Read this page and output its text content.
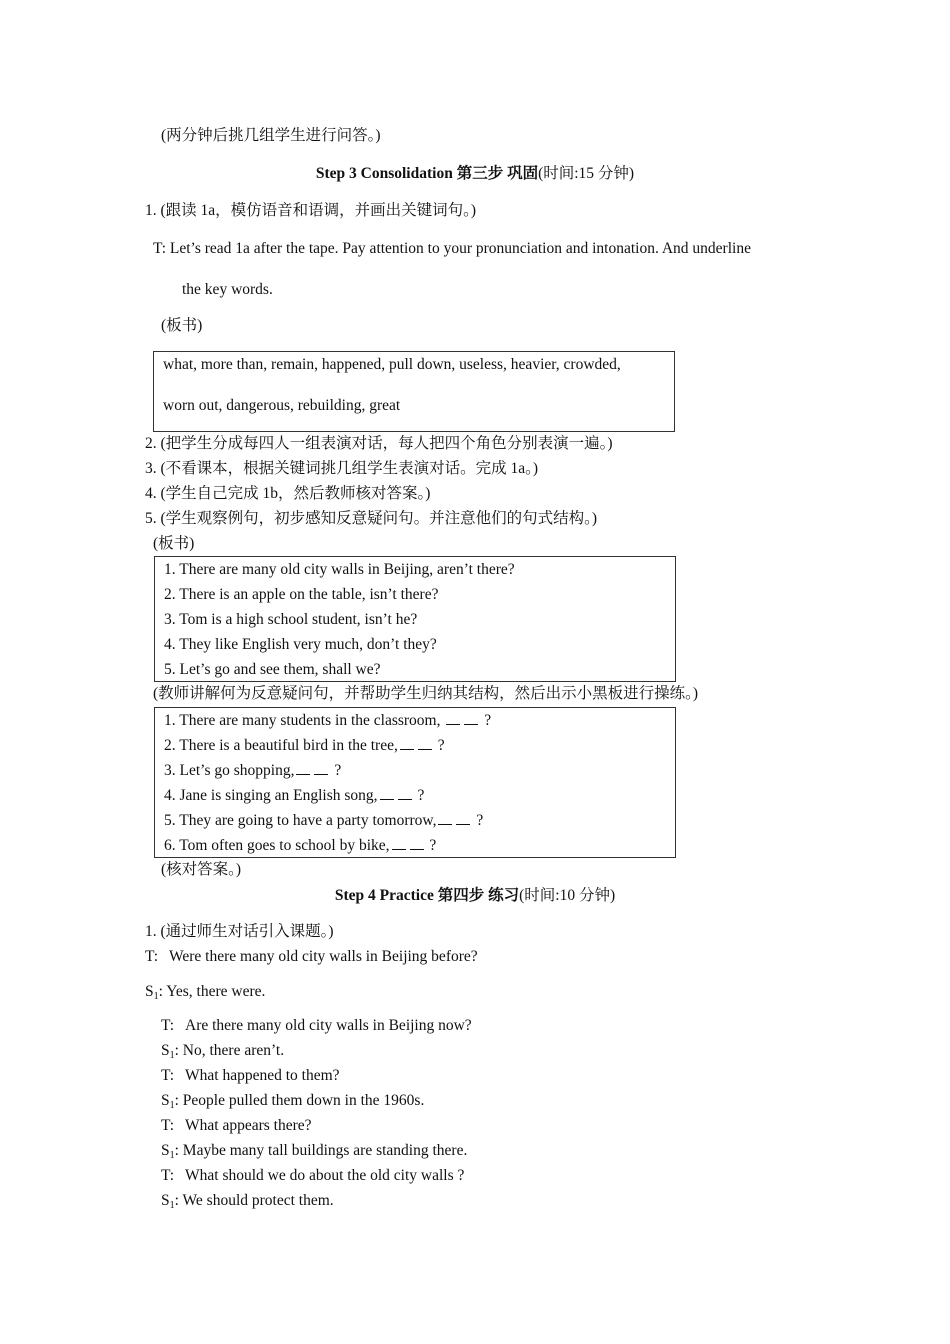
(两分钟后挑几组学生进行问答。)
Step 3 Consolidation 第三步 巩固(时间:15 分钟)
1. (跟读 1a，模仿语音和语调，并画出关键词句。)
T: Let’s read 1a after the tape. Pay attention to your pronunciation and intonation. And underline
the key words.
(板书)
what, more than, remain, happened, pull down, useless, heavier, crowded,
worn out, dangerous, rebuilding, great
2. (把学生分成每四人一组表演对话，每人把四个角色分别表演一遍。)
3. (不看课本，根据关键词挑几组学生表演对话。完成 1a。)
4. (学生自己完成 1b，然后教师核对答案。)
5. (学生观察例句，初步感知反意疑问句。并注意他们的句式结构。)
(板书)
1. There are many old city walls in Beijing, aren’t there?
2. There is an apple on the table, isn’t there?
3. Tom is a high school student, isn’t he?
4. They like English very much, don’t they?
5. Let’s go and see them, shall we?
(教师讲解何为反意疑问句，并帮助学生归纳其结构，然后出示小黑板进行操练。)
1. There are many students in the classroom,	?
2. There is a beautiful bird in the tree,	?
3. Let’s go shopping,	?
4. Jane is singing an English song,	?
5. They are going to have a party tomorrow,	?
6. Tom often goes to school by bike,	?
(核对答案。)
Step 4 Practice 第四步 练习(时间:10 分钟)
1. (通过师生对话引入课题。)
T: Were there many old city walls in Beijing before?
$S_1$: Yes, there were.
T: Are there many old city walls in Beijing now?
$S_1$: No, there aren’t.
T: What happened to them?
$S_1$: People pulled them down in the 1960s.
T: What appears there?
$S_1$: Maybe many tall buildings are standing there.
T: What should we do about the old city walls ?
$S_1$: We should protect them.
